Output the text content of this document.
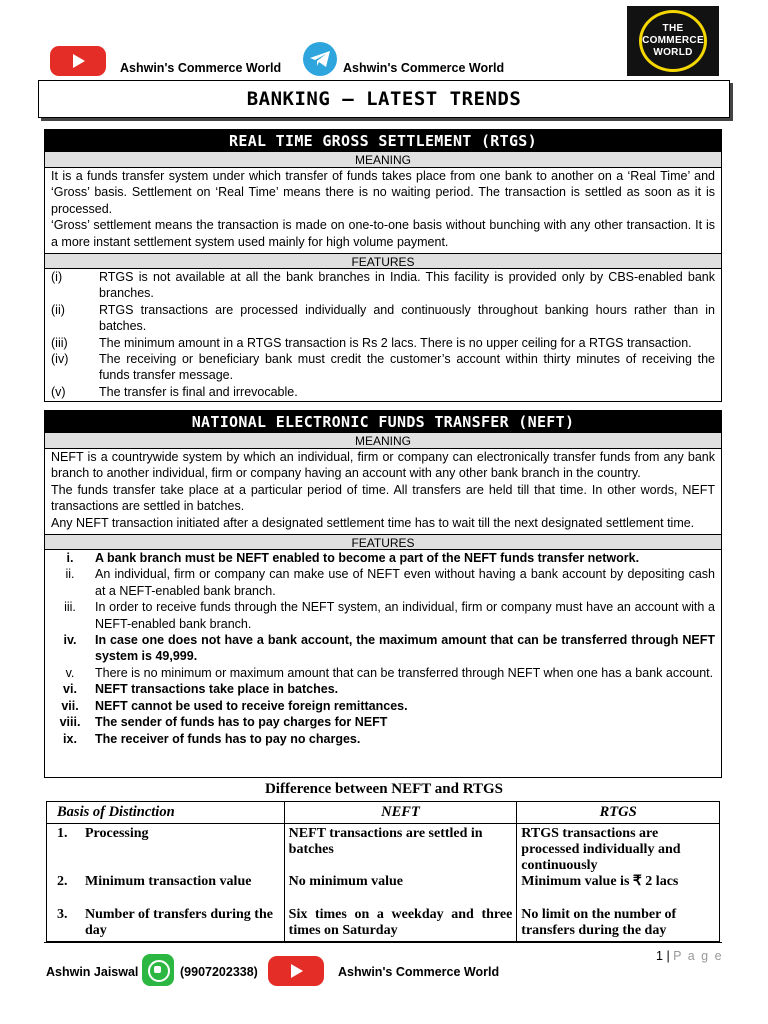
Ashwin's Commerce World	Ashwin's Commerce World
THE
COMMERCE
WORLD
BANKING – LATEST TRENDS
REAL TIME GROSS SETTLEMENT (RTGS)
MEANING

It is a funds transfer system under which transfer of funds takes place from one bank to another on a ‘Real Time’ and ‘Gross’ basis. Settlement on ‘Real Time’ means there is no waiting period. The transaction is settled as soon as it is processed.

‘Gross’ settlement means the transaction is made on one-to-one basis without bunching with any other transaction. It is a more instant settlement system used mainly for high volume payment.

FEATURES
(i)	RTGS is not available at all the bank branches in India. This facility is provided only by CBS-enabled bank branches.
(ii)	RTGS transactions are processed individually and continuously throughout banking hours rather than in batches.
(iii)	The minimum amount in a RTGS transaction is Rs 2 lacs. There is no upper ceiling for a RTGS transaction.
(iv)	The receiving or beneficiary bank must credit the customer’s account within thirty minutes of receiving the funds transfer message.
(v)	The transfer is final and irrevocable.
NATIONAL ELECTRONIC FUNDS TRANSFER (NEFT)
MEANING

NEFT is a countrywide system by which an individual, firm or company can electronically transfer funds from any bank branch to another individual, firm or company having an account with any other bank branch in the country.

The funds transfer take place at a particular period of time. All transfers are held till that time. In other words, NEFT transactions are settled in batches.

Any NEFT transaction initiated after a designated settlement time has to wait till the next designated settlement time.

FEATURES
i.	A bank branch must be NEFT enabled to become a part of the NEFT funds transfer network.
ii.	An individual, firm or company can make use of NEFT even without having a bank account by depositing cash at a NEFT-enabled bank branch.
iii.	In order to receive funds through the NEFT system, an individual, firm or company must have an account with a NEFT-enabled bank branch.
iv.	In case one does not have a bank account, the maximum amount that can be transferred through NEFT system is 49,999.
v.	There is no minimum or maximum amount that can be transferred through NEFT when one has a bank account.
vi.	NEFT transactions take place in batches.
vii.	NEFT cannot be used to receive foreign remittances.
viii.	The sender of funds has to pay charges for NEFT
ix.	The receiver of funds has to pay no charges.
Difference between NEFT and RTGS
Basis of Distinction	NEFT	RTGS

1. Processing	NEFT transactions are settled in batches	RTGS transactions are processed individually and continuously

2. Minimum transaction value	No minimum value	Minimum value is ₹ 2 lacs

3. Number of transfers during the day	Six times on a weekday and three times on Saturday	No limit on the number of transfers during the day
1 | P a g e
Ashwin Jaiswal	(9907202338)	Ashwin's Commerce World
